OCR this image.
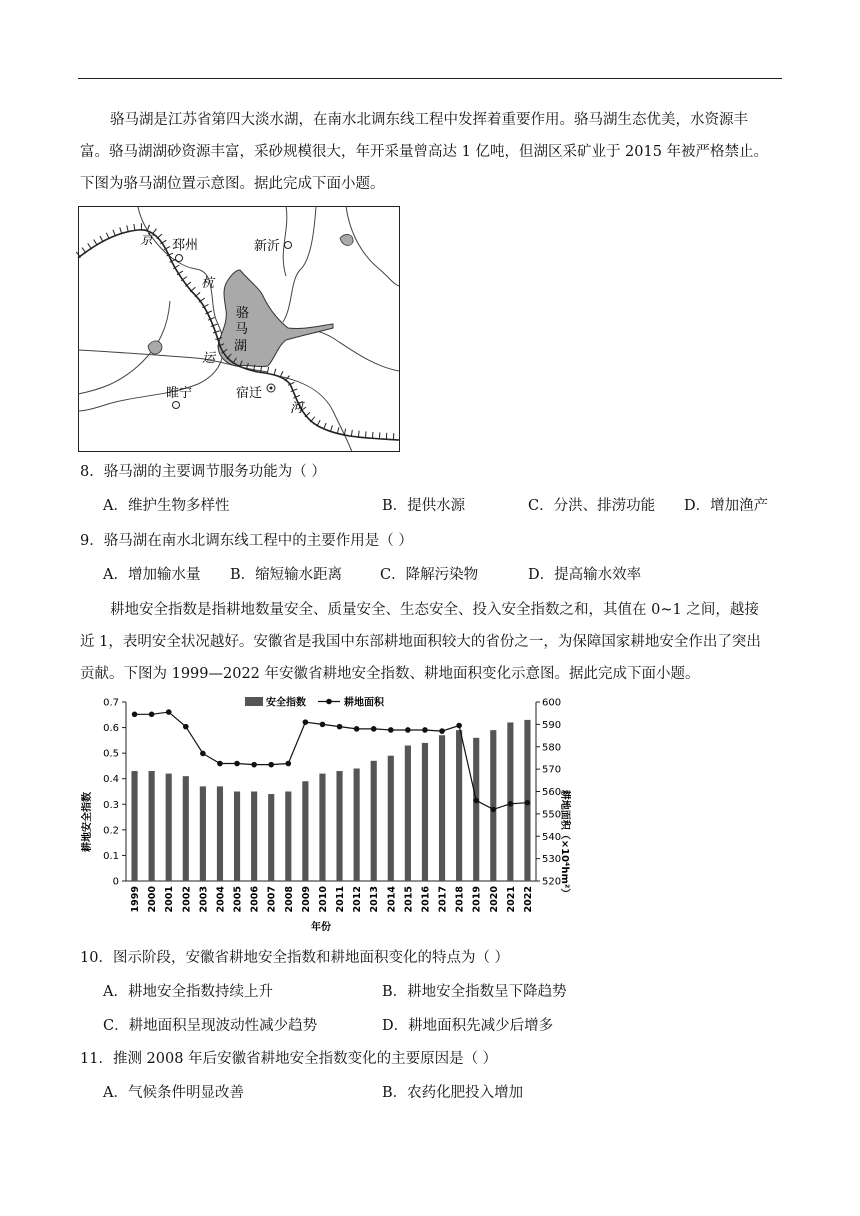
骆马湖是江苏省第四大淡水湖，在南水北调东线工程中发挥着重要作用。骆马湖生态优美，水资源丰
富。骆马湖湖砂资源丰富，采砂规模很大，年开采量曾高达 1 亿吨，但湖区采矿业于 2015 年被严格禁止。
下图为骆马湖位置示意图。据此完成下面小题。

京 邳州	新沂
杭
运
河
睢宁	宿迁
骆
马
湖

8．骆马湖的主要调节服务功能为（ ）

A．维护生物多样性	B．提供水源	C．分洪、排涝功能 D．增加渔产

9．骆马湖在南水北调东线工程中的主要作用是（ ）

A．增加输水量 B．缩短输水距离	C．降解污染物	D．提高输水效率

耕地安全指数是指耕地数量安全、质量安全、生态安全、投入安全指数之和，其值在 0~1 之间，越接
近 1，表明安全状况越好。安徽省是我国中东部耕地面积较大的省份之一，为保障国家耕地安全作出了突出
贡献。下图为 1999—2022 年安徽省耕地安全指数、耕地面积变化示意图。据此完成下面小题。

0
0.1
0.2
0.3
0.4
0.5
0.6
0.7
520
530
540
550
560
570
580
590
600
1999 2000 2001 2002 2003 2004 2005 2006 2007 2008 2009 2010 2011 2012 2013 2014 2015 2016 2017 2018 2019 2020 2021 2022
安全指数	耕地面积
耕地安全指数	耕地面积（×10⁴hm²）
年份

10．图示阶段，安徽省耕地安全指数和耕地面积变化的特点为（ ）

A．耕地安全指数持续上升	B．耕地安全指数呈下降趋势

C．耕地面积呈现波动性减少趋势	D．耕地面积先减少后增多

11．推测 2008 年后安徽省耕地安全指数变化的主要原因是（ ）

A．气候条件明显改善	B．农药化肥投入增加
